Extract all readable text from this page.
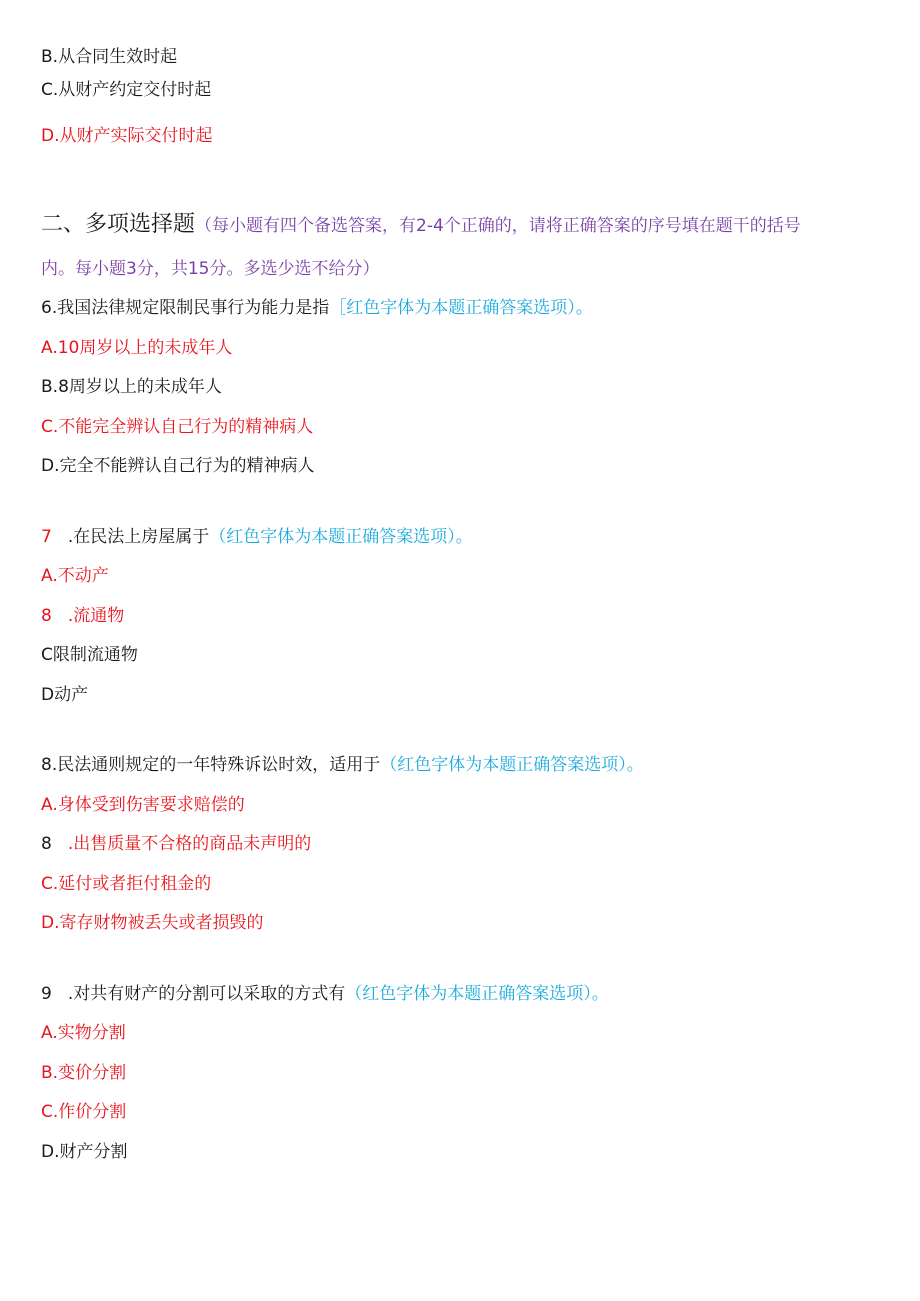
B.从合同生效时起
C.从财产约定交付时起
D.从财产实际交付时起
二、多项选择题（每小题有四个备选答案，有2-4个正确的，请将正确答案的序号填在题干的括号
内。每小题3分，共15分。多选少选不给分）
6.我国法律规定限制民事行为能力是指［红色字体为本题正确答案选项）。
A.10周岁以上的未成年人
B.8周岁以上的未成年人
C.不能完全辨认自己行为的精神病人
D.完全不能辨认自己行为的精神病人
7 .在民法上房屋属于（红色字体为本题正确答案选项）。
A.不动产
8 .流通物
C限制流通物
D动产
8.民法通则规定的一年特殊诉讼时效，适用于（红色字体为本题正确答案选项）。
A.身体受到伤害要求赔偿的
8 .出售质量不合格的商品未声明的
C.延付或者拒付租金的
D.寄存财物被丢失或者损毁的
9 .对共有财产的分割可以采取的方式有（红色字体为本题正确答案选项）。
A.实物分割
B.变价分割
C.作价分割
D.财产分割
